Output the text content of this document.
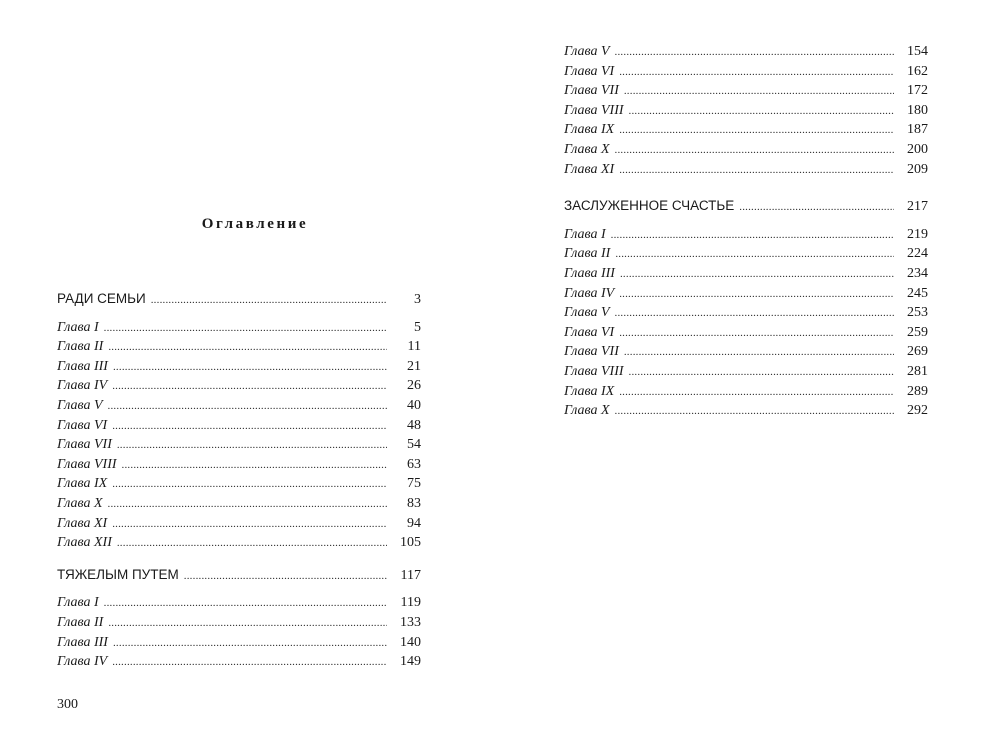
Оглавление
РАДИ СЕМЬИ .....	3
Глава I .....	5
Глава II .....	11
Глава III .....	21
Глава IV .....	26
Глава V .....	40
Глава VI .....	48
Глава VII .....	54
Глава VIII .....	63
Глава IX .....	75
Глава X .....	83
Глава XI .....	94
Глава XII .....	105
ТЯЖЕЛЫМ ПУТЕМ .....	117
Глава I .....	119
Глава II .....	133
Глава III .....	140
Глава IV .....	149
300
Глава V .....	154
Глава VI .....	162
Глава VII .....	172
Глава VIII .....	180
Глава IX .....	187
Глава X .....	200
Глава XI .....	209
ЗАСЛУЖЕННОЕ СЧАСТЬЕ .....	217
Глава I .....	219
Глава II .....	224
Глава III .....	234
Глава IV .....	245
Глава V .....	253
Глава VI .....	259
Глава VII .....	269
Глава VIII .....	281
Глава IX .....	289
Глава X .....	292
